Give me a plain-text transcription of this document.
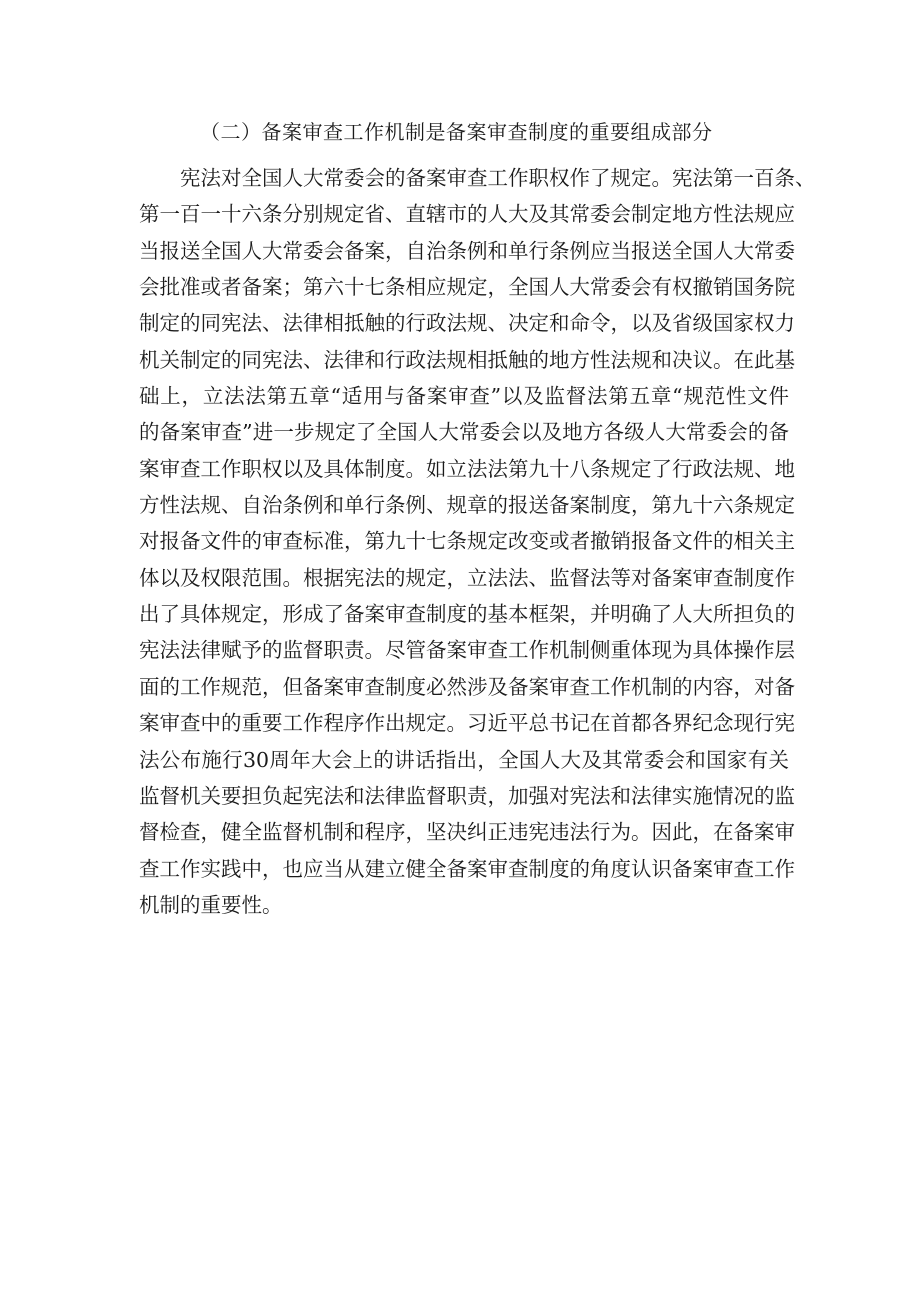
（二）备案审查工作机制是备案审查制度的重要组成部分
宪法对全国人大常委会的备案审查工作职权作了规定。宪法第一百条、
第一百一十六条分别规定省、直辖市的人大及其常委会制定地方性法规应
当报送全国人大常委会备案，自治条例和单行条例应当报送全国人大常委
会批准或者备案；第六十七条相应规定，全国人大常委会有权撤销国务院
制定的同宪法、法律相抵触的行政法规、决定和命令，以及省级国家权力
机关制定的同宪法、法律和行政法规相抵触的地方性法规和决议。在此基
础上，立法法第五章“适用与备案审查”以及监督法第五章“规范性文件
的备案审查”进一步规定了全国人大常委会以及地方各级人大常委会的备
案审查工作职权以及具体制度。如立法法第九十八条规定了行政法规、地
方性法规、自治条例和单行条例、规章的报送备案制度，第九十六条规定
对报备文件的审查标准，第九十七条规定改变或者撤销报备文件的相关主
体以及权限范围。根据宪法的规定，立法法、监督法等对备案审查制度作
出了具体规定，形成了备案审查制度的基本框架，并明确了人大所担负的
宪法法律赋予的监督职责。尽管备案审查工作机制侧重体现为具体操作层
面的工作规范，但备案审查制度必然涉及备案审查工作机制的内容，对备
案审查中的重要工作程序作出规定。习近平总书记在首都各界纪念现行宪
法公布施行30周年大会上的讲话指出，全国人大及其常委会和国家有关
监督机关要担负起宪法和法律监督职责，加强对宪法和法律实施情况的监
督检查，健全监督机制和程序，坚决纠正违宪违法行为。因此，在备案审
查工作实践中，也应当从建立健全备案审查制度的角度认识备案审查工作
机制的重要性。
